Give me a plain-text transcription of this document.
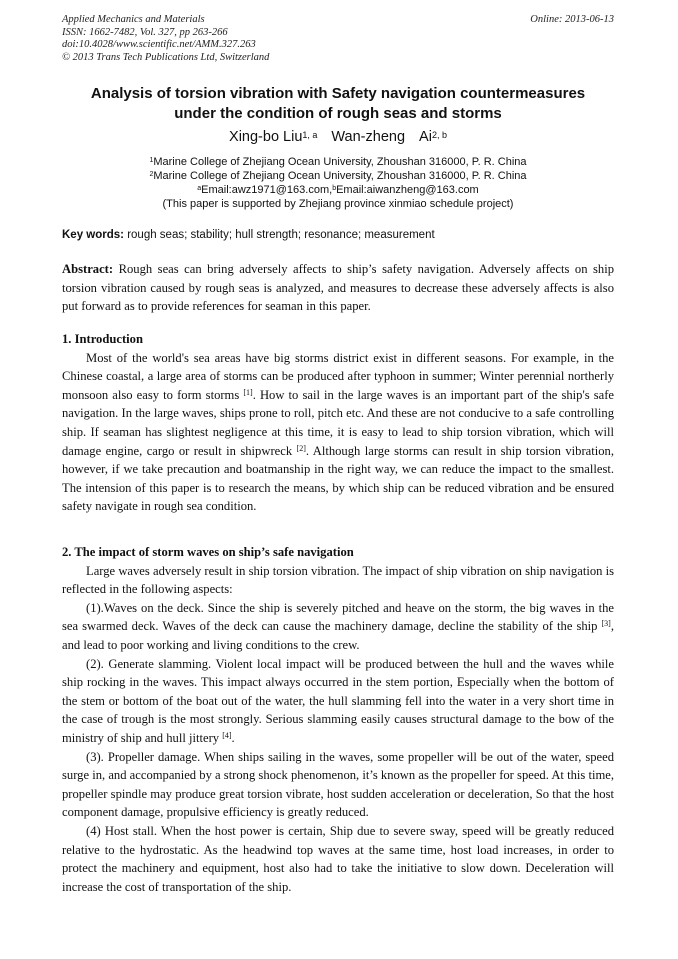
Applied Mechanics and Materials
ISSN: 1662-7482, Vol. 327, pp 263-266
doi:10.4028/www.scientific.net/AMM.327.263
© 2013 Trans Tech Publications Ltd, Switzerland
Online: 2013-06-13
Analysis of torsion vibration with Safety navigation countermeasures
under the condition of rough seas and storms
Xing-bo Liu$^{1, a}$ Wan-zheng Ai$^{2, b}$
$^1$Marine College of Zhejiang Ocean University, Zhoushan 316000, P. R. China
$^2$Marine College of Zhejiang Ocean University, Zhoushan 316000, P. R. China
$^a$Email:awz1971@163.com,$^b$Email:aiwanzheng@163.com
(This paper is supported by Zhejiang province xinmiao schedule project)
Key words: rough seas; stability; hull strength; resonance; measurement
Abstract: Rough seas can bring adversely affects to ship’s safety navigation. Adversely affects on ship torsion vibration caused by rough seas is analyzed, and measures to decrease these adversely affects is also put forward as to provide references for seaman in this paper.

1. Introduction

Most of the world's sea areas have big storms district exist in different seasons. For example, in the Chinese coastal, a large area of storms can be produced after typhoon in summer; Winter perennial northerly monsoon also easy to form storms [1]. How to sail in the large waves is an important part of the ship's safe navigation. In the large waves, ships prone to roll, pitch etc. And these are not conducive to a safe controlling ship. If seaman has slightest negligence at this time, it is easy to lead to ship torsion vibration, which will damage engine, cargo or result in shipwreck [2]. Although large storms can result in ship torsion vibration, however, if we take precaution and boatmanship in the right way, we can reduce the impact to the smallest. The intension of this paper is to research the means, by which ship can be reduced vibration and be ensured safety navigate in rough sea condition.

2. The impact of storm waves on ship’s safe navigation

Large waves adversely result in ship torsion vibration. The impact of ship vibration on ship navigation is reflected in the following aspects:

(1).Waves on the deck. Since the ship is severely pitched and heave on the storm, the big waves in the sea swarmed deck. Waves of the deck can cause the machinery damage, decline the stability of the ship [3], and lead to poor working and living conditions to the crew.

(2). Generate slamming. Violent local impact will be produced between the hull and the waves while ship rocking in the waves. This impact always occurred in the stem portion, Especially when the bottom of the stem or bottom of the boat out of the water, the hull slamming fell into the water in a very short time in the case of trough is the most strongly. Serious slamming easily causes structural damage to the bow of the ministry of ship and hull jittery [4].

(3). Propeller damage. When ships sailing in the waves, some propeller will be out of the water, speed surge in, and accompanied by a strong shock phenomenon, it’s known as the propeller for speed. At this time, propeller spindle may produce great torsion vibrate, host sudden acceleration or deceleration, So that the host component damage, propulsive efficiency is greatly reduced.

(4) Host stall. When the host power is certain, Ship due to severe sway, speed will be greatly reduced relative to the hydrostatic. As the headwind top waves at the same time, host load increases, in order to protect the machinery and equipment, host also had to take the initiative to slow down. Deceleration will increase the cost of transportation of the ship.
